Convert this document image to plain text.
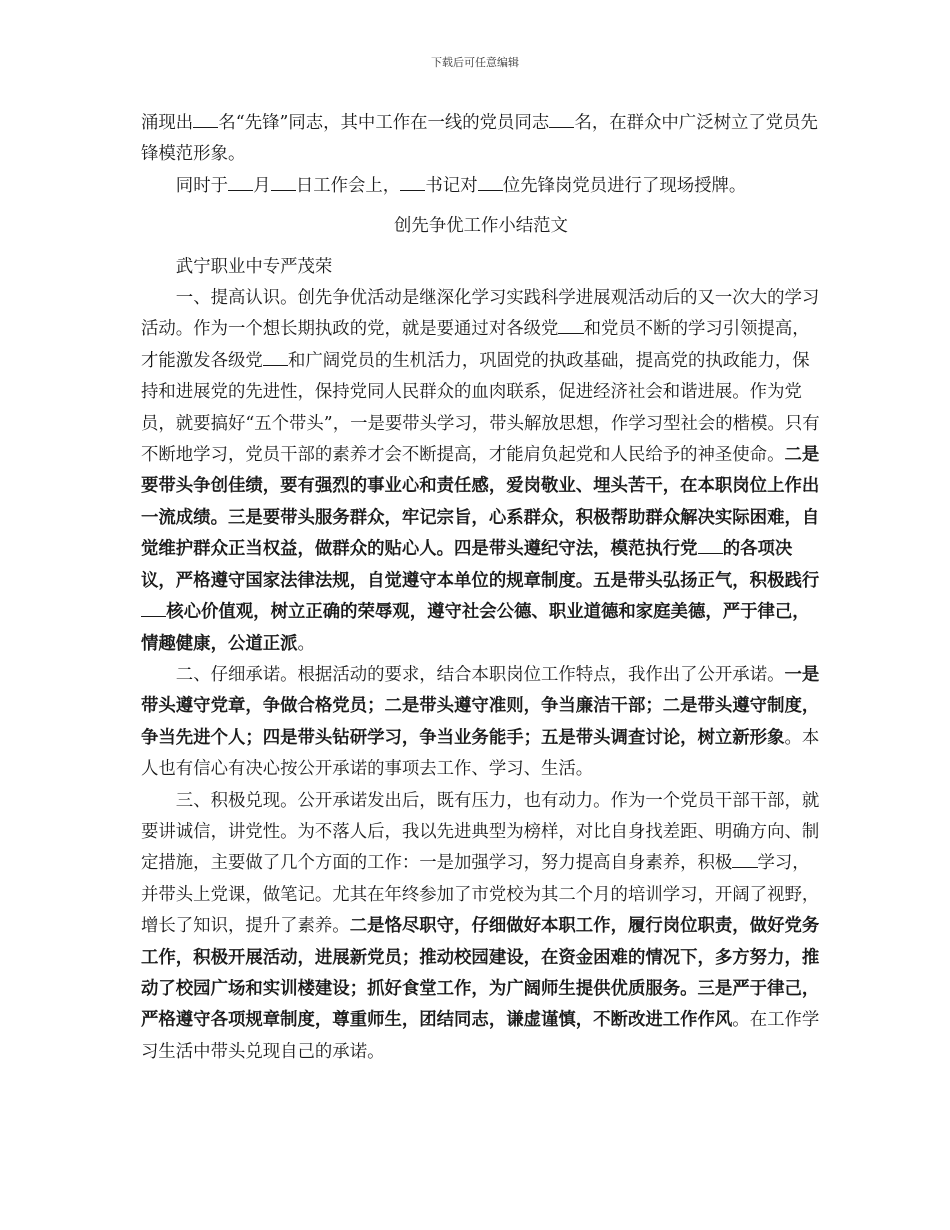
下载后可任意编辑

涌现出 名“先锋”同志，其中工作在一线的党员同志 名，在群众中广泛树立了党员先锋模范形象。

同时于 月 日工作会上， 书记对 位先锋岗党员进行了现场授牌。

创先争优工作小结范文

武宁职业中专严茂荣

一、提高认识。创先争优活动是继深化学习实践科学进展观活动后的又一次大的学习活动。作为一个想长期执政的党，就是要通过对各级党 和党员不断的学习引领提高，才能激发各级党 和广阔党员的生机活力，巩固党的执政基础，提高党的执政能力，保持和进展党的先进性，保持党同人民群众的血肉联系，促进经济社会和谐进展。作为党员，就要搞好“五个带头”，一是要带头学习，带头解放思想，作学习型社会的楷模。只有不断地学习，党员干部的素养才会不断提高，才能肩负起党和人民给予的神圣使命。二是要带头争创佳绩，要有强烈的事业心和责任感，爱岗敬业、埋头苦干，在本职岗位上作出一流成绩。三是要带头服务群众，牢记宗旨，心系群众，积极帮助群众解决实际困难，自觉维护群众正当权益，做群众的贴心人。四是带头遵纪守法，模范执行党 的各项决议，严格遵守国家法律法规，自觉遵守本单位的规章制度。五是带头弘扬正气，积极践行核心价值观，树立正确的荣辱观，遵守社会公德、职业道德和家庭美德，严于律己，情趣健康，公道正派。

二、仔细承诺。根据活动的要求，结合本职岗位工作特点，我作出了公开承诺。一是带头遵守党章，争做合格党员；二是带头遵守准则，争当廉洁干部；二是带头遵守制度，争当先进个人；四是带头钻研学习，争当业务能手；五是带头调查讨论，树立新形象。本人也有信心有决心按公开承诺的事项去工作、学习、生活。

三、积极兑现。公开承诺发出后，既有压力，也有动力。作为一个党员干部干部，就要讲诚信，讲党性。为不落人后，我以先进典型为榜样，对比自身找差距、明确方向、制定措施，主要做了几个方面的工作：一是加强学习，努力提高自身素养，积极 学习，并带头上党课，做笔记。尤其在年终参加了市党校为其二个月的培训学习，开阔了视野，增长了知识，提升了素养。二是恪尽职守，仔细做好本职工作，履行岗位职责，做好党务工作，积极开展活动，进展新党员；推动校园建设，在资金困难的情况下，多方努力，推动了校园广场和实训楼建设；抓好食堂工作，为广阔师生提供优质服务。三是严于律己，严格遵守各项规章制度，尊重师生，团结同志，谦虚谨慎，不断改进工作作风。在工作学习生活中带头兑现自己的承诺。
